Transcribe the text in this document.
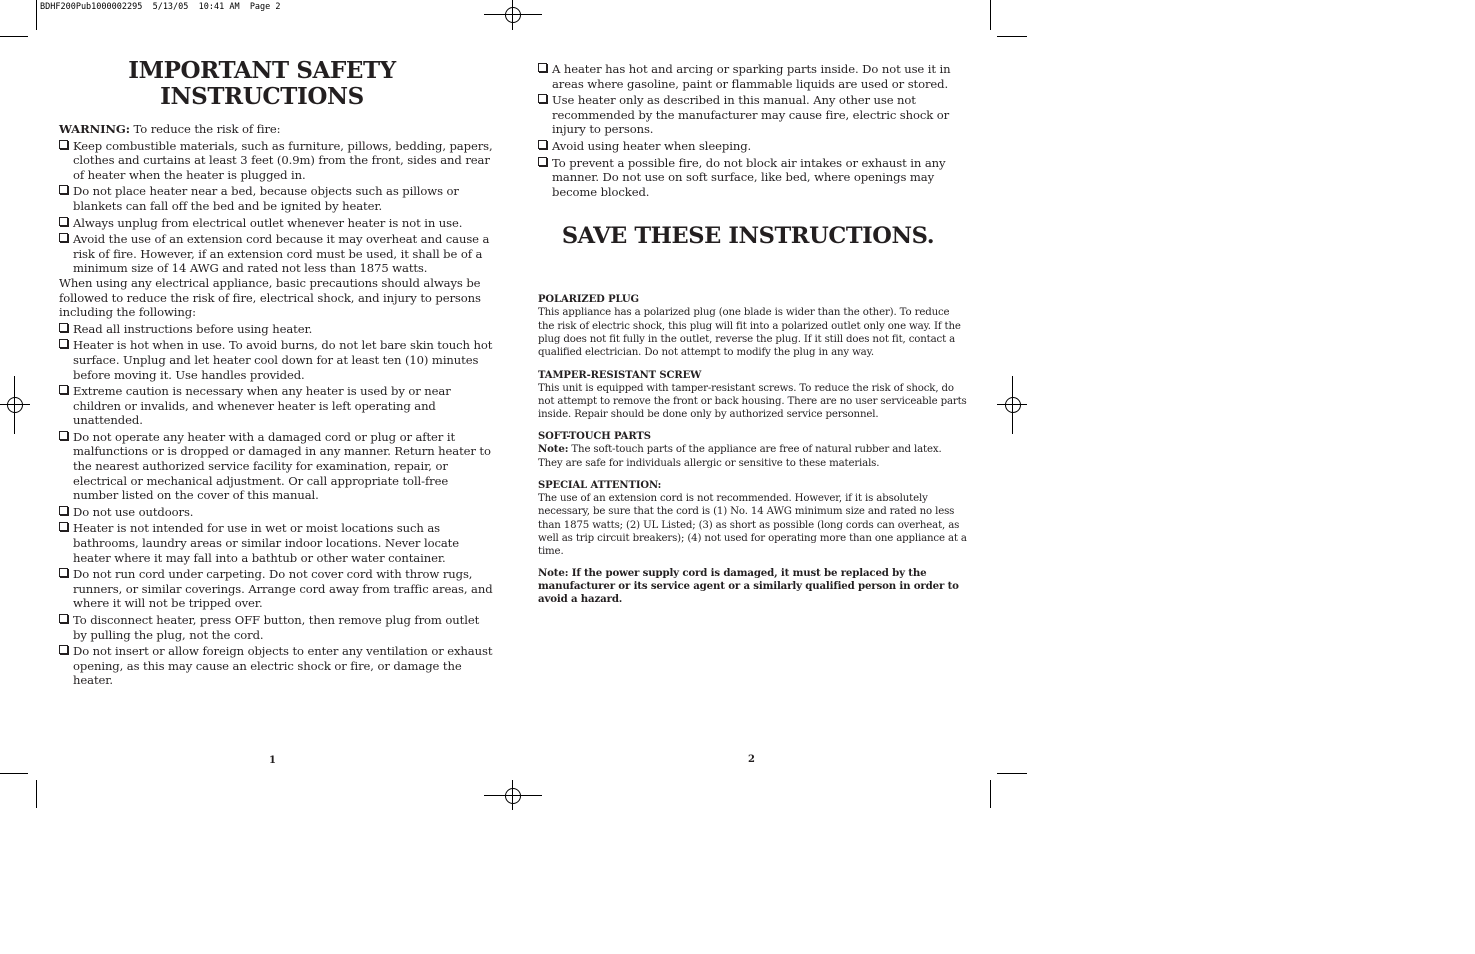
BDHF200Pub1000002295  5/13/05  10:41 AM  Page 2
IMPORTANT SAFETY
INSTRUCTIONS

WARNING: To reduce the risk of fire:

Keep combustible materials, such as furniture, pillows, bedding, papers, clothes and curtains at least 3 feet (0.9m) from the front, sides and rear of heater when the heater is plugged in.

Do not place heater near a bed, because objects such as pillows or blankets can fall off the bed and be ignited by heater.

Always unplug from electrical outlet whenever heater is not in use.

Avoid the use of an extension cord because it may overheat and cause a risk of fire. However, if an extension cord must be used, it shall be of a minimum size of 14 AWG and rated not less than 1875 watts.

When using any electrical appliance, basic precautions should always be followed to reduce the risk of fire, electrical shock, and injury to persons including the following:

Read all instructions before using heater.

Heater is hot when in use. To avoid burns, do not let bare skin touch hot surface. Unplug and let heater cool down for at least ten (10) minutes before moving it. Use handles provided.

Extreme caution is necessary when any heater is used by or near children or invalids, and whenever heater is left operating and unattended.

Do not operate any heater with a damaged cord or plug or after it malfunctions or is dropped or damaged in any manner. Return heater to the nearest authorized service facility for examination, repair, or electrical or mechanical adjustment. Or call appropriate toll-free number listed on the cover of this manual.

Do not use outdoors.

Heater is not intended for use in wet or moist locations such as bathrooms, laundry areas or similar indoor locations. Never locate heater where it may fall into a bathtub or other water container.

Do not run cord under carpeting. Do not cover cord with throw rugs, runners, or similar coverings. Arrange cord away from traffic areas, and where it will not be tripped over.

To disconnect heater, press OFF button, then remove plug from outlet by pulling the plug, not the cord.

Do not insert or allow foreign objects to enter any ventilation or exhaust opening, as this may cause an electric shock or fire, or damage the heater.

1

A heater has hot and arcing or sparking parts inside. Do not use it in areas where gasoline, paint or flammable liquids are used or stored.

Use heater only as described in this manual. Any other use not recommended by the manufacturer may cause fire, electric shock or injury to persons.

Avoid using heater when sleeping.

To prevent a possible fire, do not block air intakes or exhaust in any manner. Do not use on soft surface, like bed, where openings may become blocked.

SAVE THESE INSTRUCTIONS.

POLARIZED PLUG

This appliance has a polarized plug (one blade is wider than the other). To reduce the risk of electric shock, this plug will fit into a polarized outlet only one way. If the plug does not fit fully in the outlet, reverse the plug. If it still does not fit, contact a qualified electrician. Do not attempt to modify the plug in any way.

TAMPER-RESISTANT SCREW

This unit is equipped with tamper-resistant screws. To reduce the risk of shock, do not attempt to remove the front or back housing. There are no user serviceable parts inside. Repair should be done only by authorized service personnel.

SOFT-TOUCH PARTS

Note: The soft-touch parts of the appliance are free of natural rubber and latex. They are safe for individuals allergic or sensitive to these materials.

SPECIAL ATTENTION:

The use of an extension cord is not recommended. However, if it is absolutely necessary, be sure that the cord is (1) No. 14 AWG minimum size and rated no less than 1875 watts; (2) UL Listed; (3) as short as possible (long cords can overheat, as well as trip circuit breakers); (4) not used for operating more than one appliance at a time.

Note: If the power supply cord is damaged, it must be replaced by the manufacturer or its service agent or a similarly qualified person in order to avoid a hazard.

2
